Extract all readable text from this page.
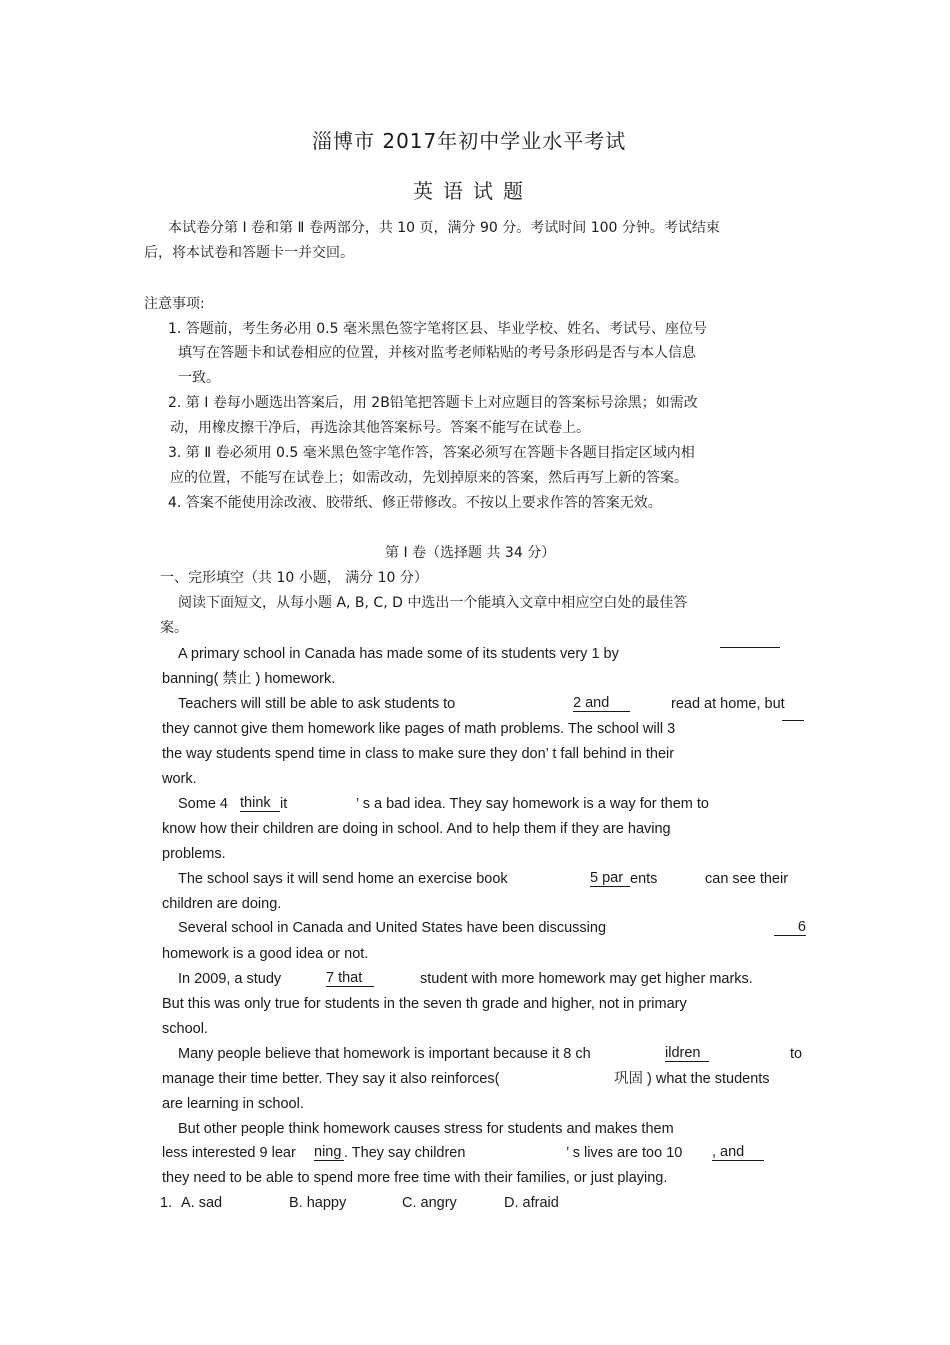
淄博市 2017年初中学业水平考试
英语试题
本试卷分第 Ⅰ 卷和第 Ⅱ 卷两部分，共 10 页，满分 90 分。考试时间 100 分钟。考试结束
后，将本试卷和答题卡一并交回。
注意事项:
1. 答题前，考生务必用 0.5 毫米黑色签字笔将区县、毕业学校、姓名、考试号、座位号
填写在答题卡和试卷相应的位置，并核对监考老师粘贴的考号条形码是否与本人信息
一致。
2. 第 Ⅰ 卷每小题选出答案后，用 2B铅笔把答题卡上对应题目的答案标号涂黑；如需改
动，用橡皮擦干净后，再选涂其他答案标号。答案不能写在试卷上。
3. 第 Ⅱ 卷必须用 0.5 毫米黑色签字笔作答，答案必须写在答题卡各题目指定区域内相
应的位置，不能写在试卷上；如需改动，先划掉原来的答案，然后再写上新的答案。
4. 答案不能使用涂改液、胶带纸、修正带修改。不按以上要求作答的答案无效。
第 Ⅰ 卷（选择题 共 34 分）
一、完形填空（共 10 小题， 满分 10 分）
阅读下面短文，从每小题 A, B, C, D 中选出一个能填入文章中相应空白处的最佳答
案。
A primary school in Canada has made some of its students very 1 by
banning( 禁止 ) homework.
Teachers will still be able to ask students to	2 and	read at home, but
they cannot give them homework like pages of math problems. The school will 3
the way students spend time in class to make sure they don’ t fall behind in their
work.
Some 4 think it	’ s a bad idea. They say homework is a way for them to
know how their children are doing in school. And to help them if they are having
problems.
The school says it will send home an exercise book	5 par ents	can see their
children are doing.
Several school in Canada and United States have been discussing	6
homework is a good idea or not.
In 2009, a study	7 that	student with more homework may get higher marks.
But this was only true for students in the seven th grade and higher, not in primary
school.
Many people believe that homework is important because it 8 ch	ildren	to
manage their time better. They say it also reinforces(	巩固 ) what the students
are learning in school.
But other people think homework causes stress for students and makes them
less interested 9 lear ning . They say children	’ s lives are too 10 , and
they need to be able to spend more free time with their families, or just playing.
1. A. sad	B. happy	C. angry	D. afraid
